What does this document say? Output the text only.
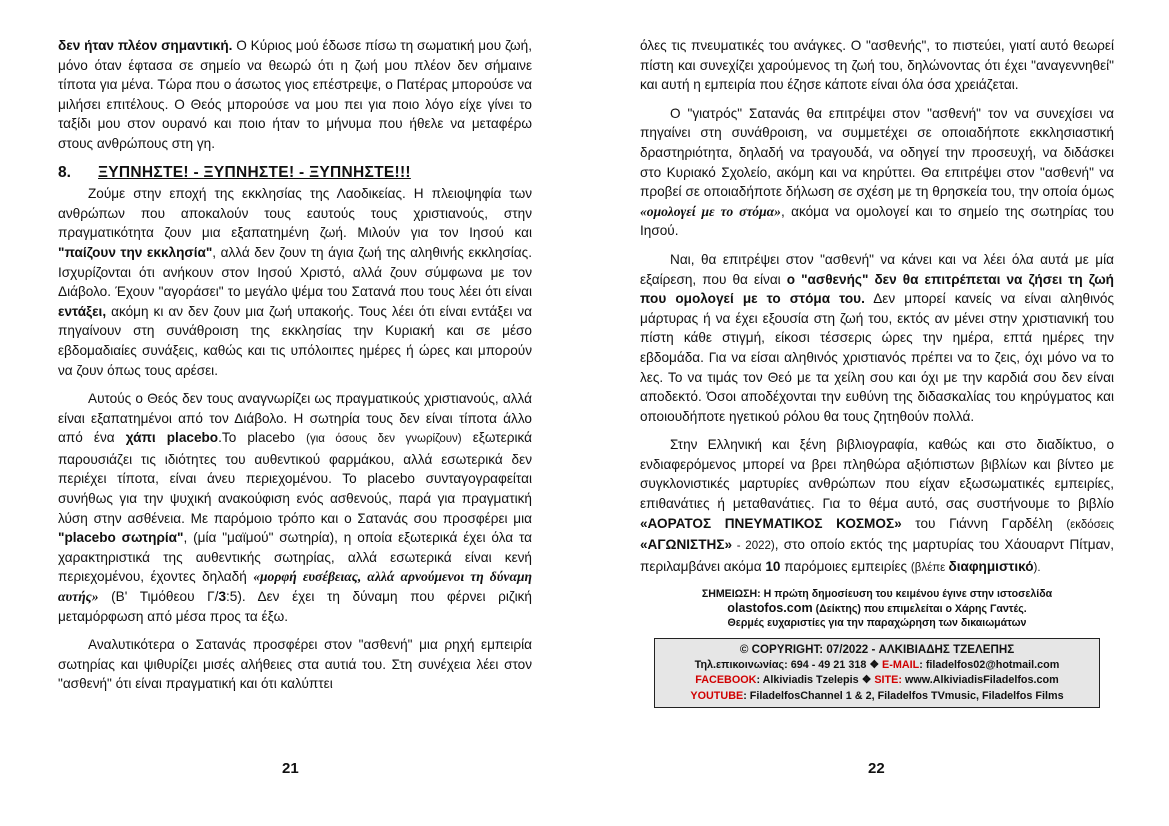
δεν ήταν πλέον σημαντική. Ο Κύριος μού έδωσε πίσω τη σωματική μου ζωή, μόνο όταν έφτασα σε σημείο να θεωρώ ότι η ζωή μου πλέον δεν σήμαινε τίποτα για μένα. Τώρα που ο άσωτος γιος επέστρεψε, ο Πατέρας μπορούσε να μιλήσει επιτέλους. Ο Θεός μπορούσε να μου πει για ποιο λόγο είχε γίνει το ταξίδι μου στον ουρανό και ποιο ήταν το μήνυμα που ήθελε να μεταφέρω στους ανθρώπους στη γη.

8.	ΞΥΠΝΗΣΤΕ! - ΞΥΠΝΗΣΤΕ! - ΞΥΠΝΗΣΤΕ!!!

Ζούμε στην εποχή της εκκλησίας της Λαοδικείας. Η πλειοψηφία των ανθρώπων που αποκαλούν τους εαυτούς τους χριστιανούς, στην πραγματικότητα ζουν μια εξαπατημένη ζωή. Μιλούν για τον Ιησού και "παίζουν την εκκλησία", αλλά δεν ζουν τη άγια ζωή της αληθινής εκκλησίας. Ισχυρίζονται ότι ανήκουν στον Ιησού Χριστό, αλλά ζουν σύμφωνα με τον Διάβολο. Έχουν "αγοράσει" το μεγάλο ψέμα του Σατανά που τους λέει ότι είναι εντάξει, ακόμη κι αν δεν ζουν μια ζωή υπακοής. Τους λέει ότι είναι εντάξει να πηγαίνουν στη συνάθροιση της εκκλησίας την Κυριακή και σε μέσο εβδομαδιαίες συνάξεις, καθώς και τις υπόλοιπες ημέρες ή ώρες και μπορούν να ζουν όπως τους αρέσει.

Αυτούς ο Θεός δεν τους αναγνωρίζει ως πραγματικούς χριστιανούς, αλλά είναι εξαπατημένοι από τον Διάβολο. Η σωτηρία τους δεν είναι τίποτα άλλο από ένα χάπι placebo.Το placebo (για όσους δεν γνωρίζουν) εξωτερικά παρουσιάζει τις ιδιότητες του αυθεντικού φαρμάκου, αλλά εσωτερικά δεν περιέχει τίποτα, είναι άνευ περιεχομένου. Το placebo συνταγογραφείται συνήθως για την ψυχική ανακούφιση ενός ασθενούς, παρά για πραγματική λύση στην ασθένεια. Με παρόμοιο τρόπο και ο Σατανάς σου προσφέρει μια "placebo σωτηρία", (μία "μαϊμού" σωτηρία), η οποία εξωτερικά έχει όλα τα χαρακτηριστικά της αυθεντικής σωτηρίας, αλλά εσωτερικά είναι κενή περιεχομένου, έχοντες δηλαδή «μορφή ευσέβειας, αλλά αρνούμενοι τη δύναμη αυτής» (Β' Τιμόθεου Γ/3:5). Δεν έχει τη δύναμη που φέρνει ριζική μεταμόρφωση από μέσα προς τα έξω.

Αναλυτικότερα ο Σατανάς προσφέρει στον "ασθενή" μια ρηχή εμπειρία σωτηρίας και ψιθυρίζει μισές αλήθειες στα αυτιά του. Στη συνέχεια λέει στον "ασθενή" ότι είναι πραγματική και ότι καλύπτει

21

όλες τις πνευματικές του ανάγκες. Ο "ασθενής", το πιστεύει, γιατί αυτό θεωρεί πίστη και συνεχίζει χαρούμενος τη ζωή του, δηλώνοντας ότι έχει "αναγεννηθεί" και αυτή η εμπειρία που έζησε κάποτε είναι όλα όσα χρειάζεται.

Ο "γιατρός" Σατανάς θα επιτρέψει στον "ασθενή" τον να συνεχίσει να πηγαίνει στη συνάθροιση, να συμμετέχει σε οποιαδήποτε εκκλησιαστική δραστηριότητα, δηλαδή να τραγουδά, να οδηγεί την προσευχή, να διδάσκει στο Κυριακό Σχολείο, ακόμη και να κηρύττει. Θα επιτρέψει στον "ασθενή" να προβεί σε οποιαδήποτε δήλωση σε σχέση με τη θρησκεία του, την οποία όμως «ομολογεί με το στόμα», ακόμα να ομολογεί και το σημείο της σωτηρίας του Ιησού.

Ναι, θα επιτρέψει στον "ασθενή" να κάνει και να λέει όλα αυτά με μία εξαίρεση, που θα είναι ο "ασθενής" δεν θα επιτρέπεται να ζήσει τη ζωή που ομολογεί με το στόμα του. Δεν μπορεί κανείς να είναι αληθινός μάρτυρας ή να έχει εξουσία στη ζωή του, εκτός αν μένει στην χριστιανική του πίστη κάθε στιγμή, είκοσι τέσσερις ώρες την ημέρα, επτά ημέρες την εβδομάδα. Για να είσαι αληθινός χριστιανός πρέπει να το ζεις, όχι μόνο να το λες. Το να τιμάς τον Θεό με τα χείλη σου και όχι με την καρδιά σου δεν είναι αποδεκτό. Όσοι αποδέχονται την ευθύνη της διδασκαλίας του κηρύγματος και οποιουδήποτε ηγετικού ρόλου θα τους ζητηθούν πολλά.

Στην Ελληνική και ξένη βιβλιογραφία, καθώς και στο διαδίκτυο, ο ενδιαφερόμενος μπορεί να βρει πληθώρα αξιόπιστων βιβλίων και βίντεο με συγκλονιστικές μαρτυρίες ανθρώπων που είχαν εξωσωματικές εμπειρίες, επιθανάτιες ή μεταθανάτιες. Για το θέμα αυτό, σας συστήνουμε το βιβλίο «ΑΟΡΑΤΟΣ ΠΝΕΥΜΑΤΙΚΟΣ ΚΟΣΜΟΣ» του Γιάννη Γαρδέλη (εκδόσεις «ΑΓΩΝΙΣΤΗΣ» - 2022), στο οποίο εκτός της μαρτυρίας του Χάουαρντ Πίτμαν, περιλαμβάνει ακόμα 10 παρόμοιες εμπειρίες (βλέπε διαφημιστικό).

ΣΗΜΕΙΩΣΗ: Η πρώτη δημοσίευση του κειμένου έγινε στην ιστοσελίδα
olastofos.com (Δείκτης) που επιμελείται ο Χάρης Γαντές.
Θερμές ευχαριστίες για την παραχώρηση των δικαιωμάτων
© COPYRIGHT: 07/2022 - ΑΛΚΙΒΙΑΔΗΣ ΤΖΕΛΕΠΗΣ
Τηλ.επικοινωνίας: 694 - 49 21 318 ❖ E-MAIL: filadelfos02@hotmail.com
FACEBOOK: Alkiviadis Tzelepis ❖ SITE: www.AlkiviadisFiladelfos.com
YOUTUBE: FiladelfosChannel 1 & 2, Filadelfos TVmusic, Filadelfos Films
22
